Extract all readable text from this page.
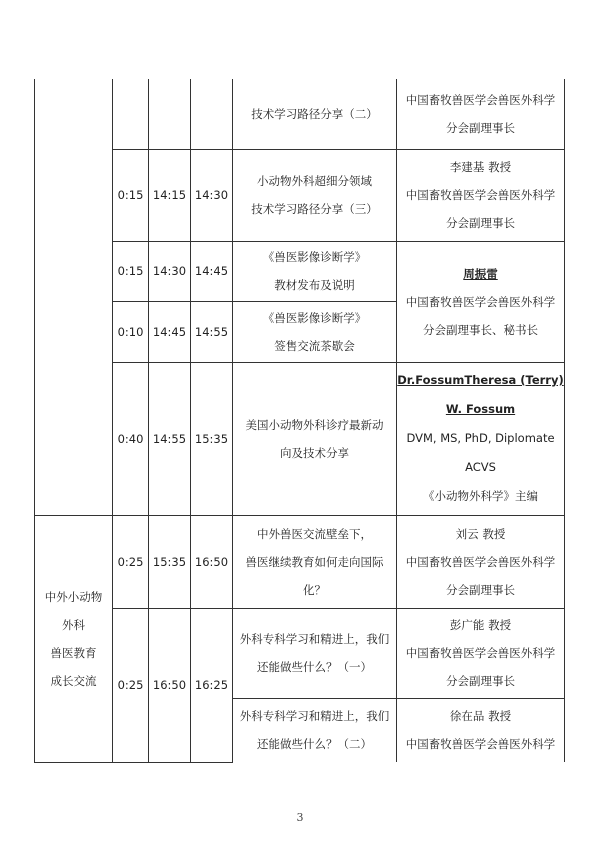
				技术学习路径分享（二）	中国畜牧兽医学会兽医外科学
分会副理事长

	0:15	14:15	14:30	小动物外科超细分领域
技术学习路径分享（三）	李建基 教授
中国畜牧兽医学会兽医外科学
分会副理事长

	0:15	14:30	14:45	《兽医影像诊断学》
教材发布及说明	周振雷
中国畜牧兽医学会兽医外科学
分会副理事长、秘书长

	0:10	14:45	14:55	《兽医影像诊断学》
签售交流茶歇会	

	0:40	14:55	15:35	美国小动物外科诊疗最新动
向及技术分享	Dr.FossumTheresa (Terry)
W. Fossum
DVM, MS, PhD, Diplomate
ACVS
《小动物外科学》主编

中外小动物
外科
兽医教育
成长交流	0:25	15:35	16:50	中外兽医交流壁垒下，
兽医继续教育如何走向国际
化？	刘云 教授
中国畜牧兽医学会兽医外科学
分会副理事长

	0:25	16:50	16:25	外科专科学习和精进上，我们
还能做些什么？（一）	彭广能 教授
中国畜牧兽医学会兽医外科学
分会副理事长

				外科专科学习和精进上，我们
还能做些什么？（二）	徐在品 教授
中国畜牧兽医学会兽医外科学
3
